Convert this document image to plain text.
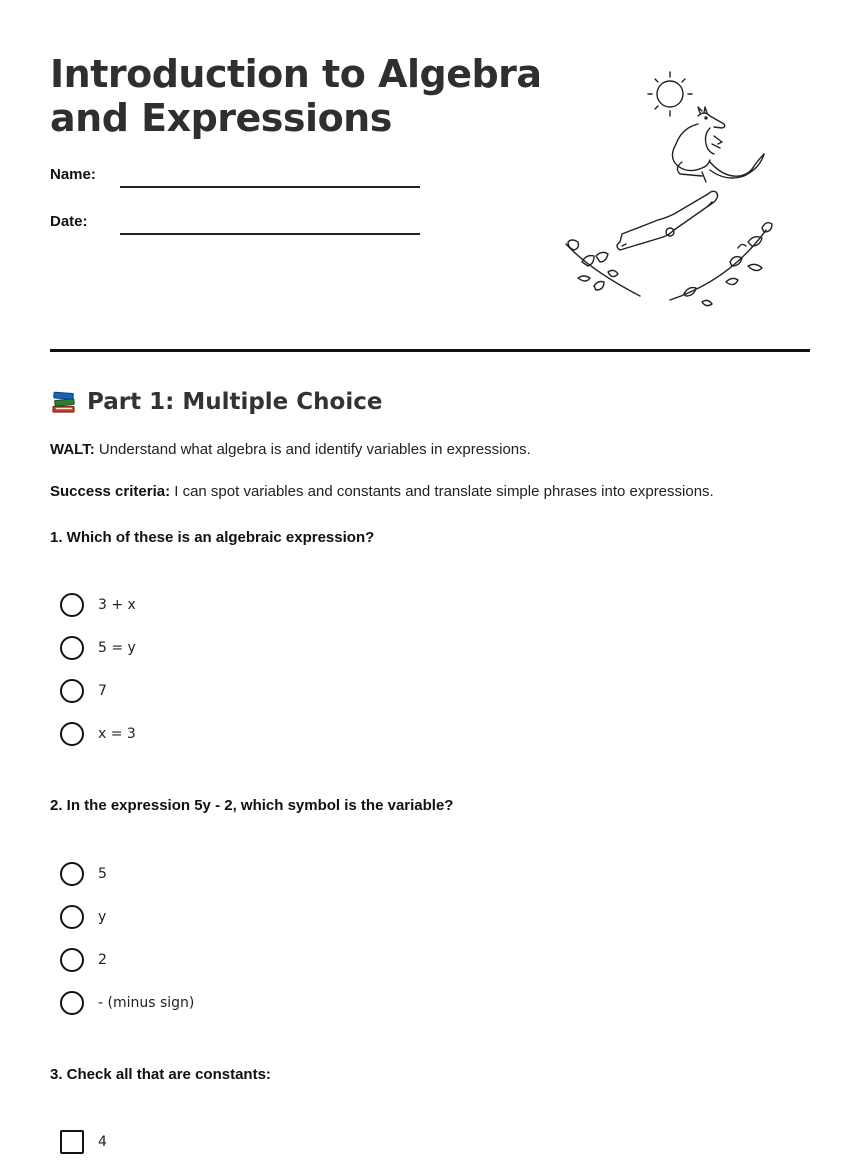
Introduction to Algebra
and Expressions
Name:
Date:
Part 1: Multiple Choice

WALT: Understand what algebra is and identify variables in expressions.

Success criteria: I can spot variables and constants and translate simple phrases into expressions.

1. Which of these is an algebraic expression?

3 + x
5 = y
7
x = 3

2. In the expression 5y - 2, which symbol is the variable?

5
y
2
- (minus sign)

3. Check all that are constants:

4
